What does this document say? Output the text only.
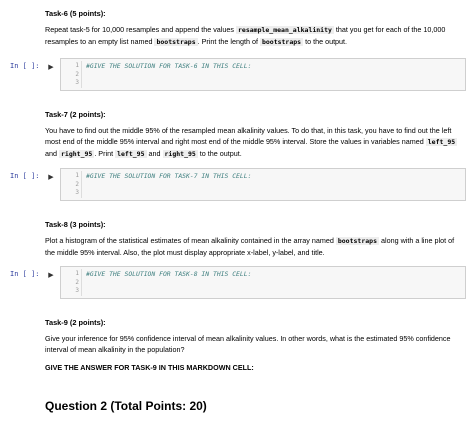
Task-6 (5 points):

Repeat task-5 for 10,000 resamples and append the values resample_mean_alkalinity that you get for each of the 10,000 resamples to an empty list named bootstraps . Print the length of bootstraps to the output.

In [ ]: ▶	1
2
3
#GIVE THE SOLUTION FOR TASK-6 IN THIS CELL:

Task-7 (2 points):

You have to find out the middle 95% of the resampled mean alkalinity values. To do that, in this task, you have to find out the left most end of the middle 95% interval and right most end of the middle 95% interval. Store the values in variables named left_95 and right_95 . Print left_95 and right_95 to the output.

In [ ]: ▶	1
2
3
#GIVE THE SOLUTION FOR TASK-7 IN THIS CELL:

Task-8 (3 points):

Plot a histogram of the statistical estimates of mean alkalinity contained in the array named bootstraps along with a line plot of the middle 95% interval. Also, the plot must display appropriate x-label, y-label, and title.

In [ ]: ▶	1
2
3
#GIVE THE SOLUTION FOR TASK-8 IN THIS CELL:

Task-9 (2 points):

Give your inference for 95% confidence interval of mean alkalinity values. In other words, what is the estimated 95% confidence interval of mean alkalinity in the population?

GIVE THE ANSWER FOR TASK-9 IN THIS MARKDOWN CELL:

Question 2 (Total Points: 20)
